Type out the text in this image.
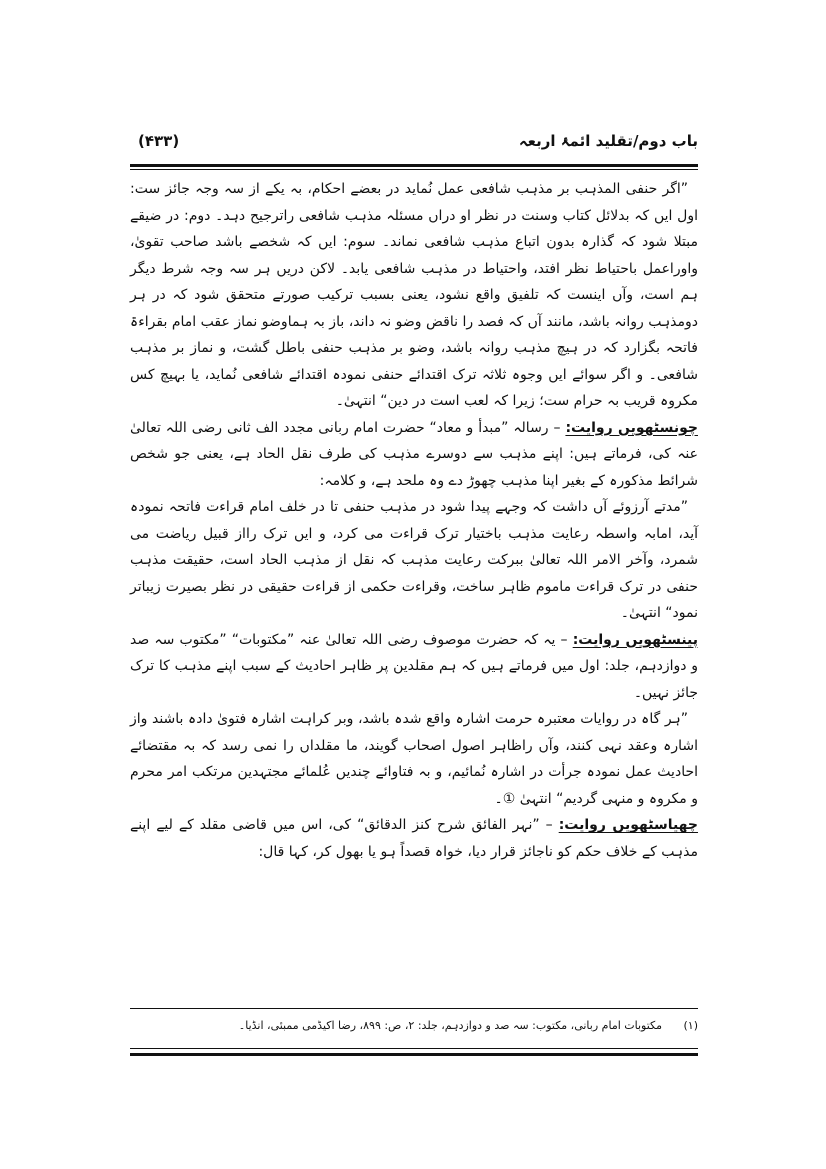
باب دوم/تقلید ائمۂ اربعہ
(۴۳۳)

”اگر حنفی المذہب بر مذہب شافعی عمل نُماید در بعضے احکام، بہ یکے از سہ وجہ جائز ست: اول ایں کہ بدلائل کتاب وسنت در نظر او دراں مسئلہ مذہب شافعی راترجیح دہد۔ دوم: در ضیقے مبتلا شود کہ گذارہ بدون اتباع مذہب شافعی نماند۔ سوم: ایں کہ شخصے باشد صاحب تقویٰ، واوراعمل باحتیاط نظر افتد، واحتیاط در مذہب شافعی یابد۔ لاکن دریں ہر سہ وجہ شرط دیگر ہم است، وآں اینست کہ تلفیق واقع نشود، یعنی بسبب ترکیب صورتے متحقق شود کہ در ہر دومذہب روانہ باشد، مانند آں کہ فصد را ناقض وضو نہ داند، باز بہ ہماوضو نماز عقب امام بقراءۃ فاتحہ بگزارد کہ در ہیچ مذہب روانہ باشد، وضو بر مذہب حنفی باطل گشت، و نماز بر مذہب شافعی۔ و اگر سوائے ایں وجوہ ثلاثہ ترک اقتدائے حنفی نمودہ اقتدائے شافعی نُماید، یا بہیچ کس مکروہ قریب بہ حرام ست؛ زیرا کہ لعب است در دین“ انتہیٰ۔

چونسٹھویں روایت: – رسالہ ”مبدأ و معاد“ حضرت امام ربانی مجدد الف ثانی رضی اللہ تعالیٰ عنہ کی، فرماتے ہیں: اپنے مذہب سے دوسرے مذہب کی طرف نقل الحاد ہے، یعنی جو شخص شرائط مذکورہ کے بغیر اپنا مذہب چھوڑ دے وہ ملحد ہے، و کلامہ:

”مدتے آرزوئے آں داشت کہ وجہے پیدا شود در مذہب حنفی تا در خلف امام قراءت فاتحہ نمودہ آید، امابہ واسطہ رعایت مذہب باختیار ترک قراءت می کرد، و ایں ترک رااز قبیل ریاضت می شمرد، وآخر الامر اللہ تعالیٰ ببرکت رعایت مذہب کہ نقل از مذہب الحاد است، حقیقت مذہب حنفی در ترک قراءت ماموم ظاہر ساخت، وقراءت حکمی از قراءت حقیقی در نظر بصیرت زیباتر نمود“ انتہیٰ۔

پینسٹھویں روایت: – یہ کہ حضرت موصوف رضی اللہ تعالیٰ عنہ ”مکتوبات“ ”مکتوب سہ صد و دوازدہم، جلد: اول میں فرماتے ہیں کہ ہم مقلدین پر ظاہر احادیث کے سبب اپنے مذہب کا ترک جائز نہیں۔

”ہر گاہ در روایات معتبرہ حرمت اشارہ واقع شدہ باشد، وبر کراہت اشارہ فتویٰ دادہ باشند واز اشارہ وعقد نہی کنند، وآں راظاہر اصول اصحاب گویند، ما مقلداں را نمی رسد کہ بہ مقتضائے احادیث عمل نمودہ جرأت در اشارہ نُمائیم، و بہ فتاوائے چندیں عُلمائے مجتہدین مرتکب امر محرم و مکروہ و منہی گردیم“ انتہیٰ ①۔

چھیاسٹھویں روایت: – ”نہر الفائق شرح کنز الدقائق“ کی، اس میں قاضی مقلد کے لیے اپنے مذہب کے خلاف حکم کو ناجائز قرار دیا، خواہ قصداً ہو یا بھول کر، کہا قال:

(۱) مکتوبات امام ربانی، مکتوب: سہ صد و دوازدہم، جلد: ۲، ص: ۸۹۹، رضا اکیڈمی ممبئی، انڈیا۔
